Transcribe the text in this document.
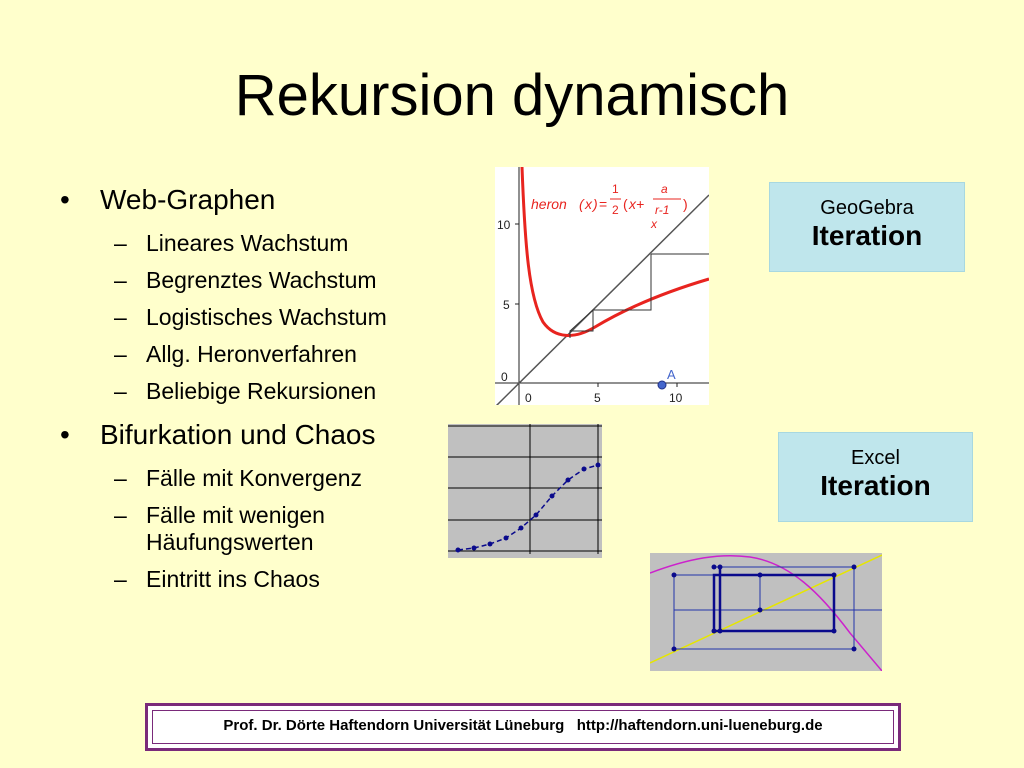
Rekursion dynamisch
• Web-Graphen
– Lineares Wachstum
– Begrenztes Wachstum
– Logistisches Wachstum
– Allg. Heronverfahren
– Beliebige Rekursionen
• Bifurkation und Chaos
– Fälle mit Konvergenz
– Fälle mit wenigen
Häufungswerten
– Eintritt ins Chaos
10
5
0
0	5	10
heron ( x ) =
1
2 ( x+
a
r-1 )
x
A
GeoGebra
Iteration
Excel
Iteration
Prof. Dr. Dörte Haftendorn Universität Lüneburg   http://haftendorn.uni-lueneburg.de
